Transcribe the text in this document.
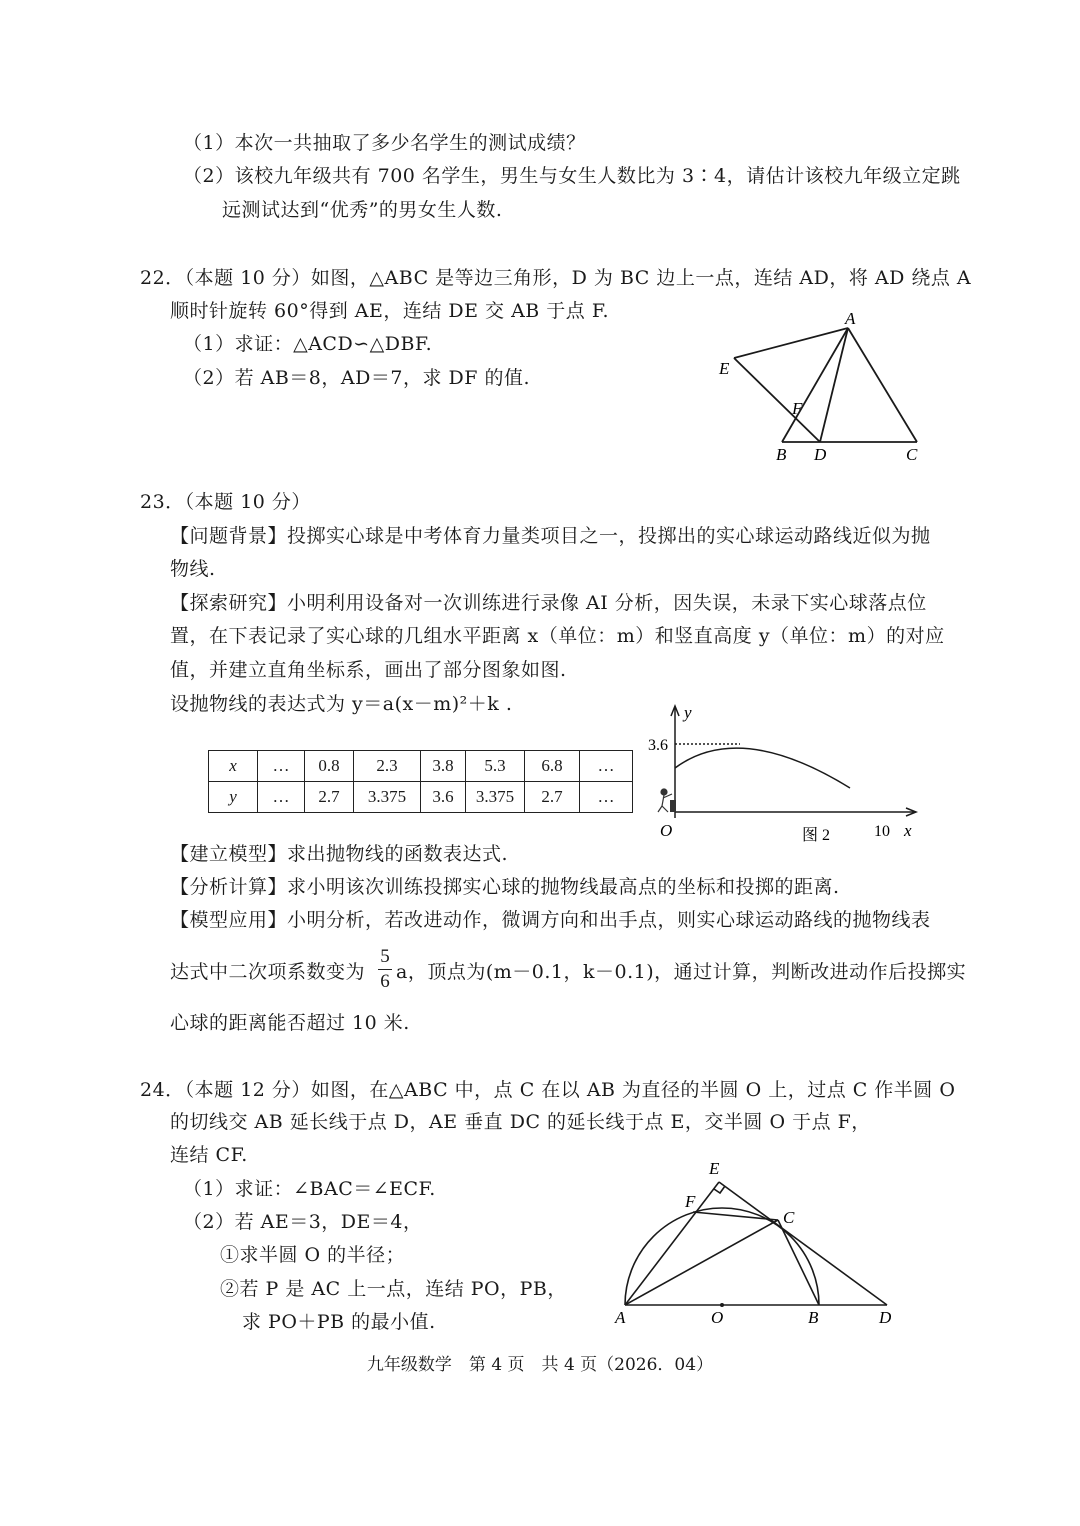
（1）本次一共抽取了多少名学生的测试成绩？
（2）该校九年级共有 700 名学生，男生与女生人数比为 3∶4，请估计该校九年级立定跳
远测试达到“优秀”的男女生人数.
22．（本题 10 分）如图，△ABC 是等边三角形，D 为 BC 边上一点，连结 AD，将 AD 绕点 A
顺时针旋转 60°得到 AE，连结 DE 交 AB 于点 F.
（1）求证：△ACD∽△DBF.
（2）若 AB＝8，AD＝7，求 DF 的值.
A
E
F
B D	C
23．（本题 10 分）
【问题背景】投掷实心球是中考体育力量类项目之一，投掷出的实心球运动路线近似为抛
物线.
【探索研究】小明利用设备对一次训练进行录像 AI 分析，因失误，未录下实心球落点位
置，在下表记录了实心球的几组水平距离 x（单位：m）和竖直高度 y（单位：m）的对应
值，并建立直角坐标系，画出了部分图象如图.
设抛物线的表达式为 y＝a(x－m)²＋k .
x	…	0.8	2.3	3.8	5.3	6.8	…
y	…	2.7	3.375	3.6	3.375	2.7	…
y
3.6
O	图 2	10 x
【建立模型】求出抛物线的函数表达式.
【分析计算】求小明该次训练投掷实心球的抛物线最高点的坐标和投掷的距离.
【模型应用】小明分析，若改进动作，微调方向和出手点，则实心球运动路线的抛物线表
达式中二次项系数变为
5
6 a，顶点为(m－0.1，k－0.1)，通过计算，判断改进动作后投掷实
心球的距离能否超过 10 米.
24．（本题 12 分）如图，在△ABC 中，点 C 在以 AB 为直径的半圆 O 上，过点 C 作半圆 O
的切线交 AB 延长线于点 D，AE 垂直 DC 的延长线于点 E，交半圆 O 于点 F，
连结 CF.
（1）求证：∠BAC＝∠ECF.
（2）若 AE＝3，DE＝4，
①求半圆 O 的半径；
②若 P 是 AC 上一点，连结 PO，PB，
求 PO＋PB 的最小值.
E
F
C
A	O	B	D
九年级数学　第 4 页　共 4 页（2026．04）
